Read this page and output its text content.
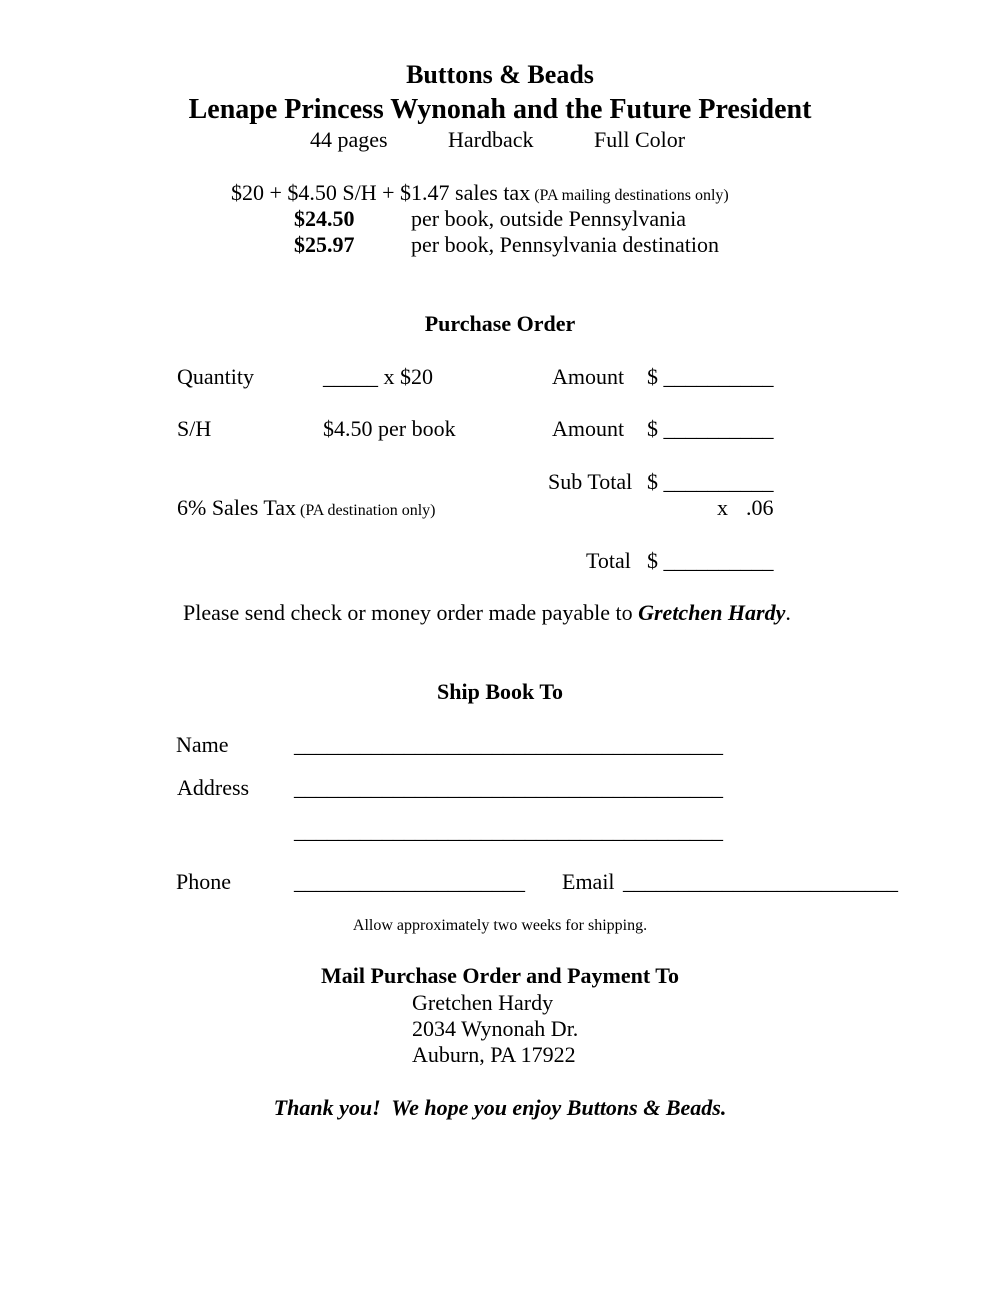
Buttons & Beads
Lenape Princess Wynonah and the Future President
44 pages	Hardback	Full Color
$20 + $4.50 S/H + $1.47 sales tax (PA mailing destinations only)
$24.50	per book, outside Pennsylvania
$25.97	per book, Pennsylvania destination
Purchase Order
Quantity	_____ x $20	Amount $ __________
S/H	$4.50 per book	Amount $ __________
Sub Total $ __________
6% Sales Tax (PA destination only)	x .06
Total $ __________
Please send check or money order made payable to Gretchen Hardy.
Ship Book To
Name	_______________________________________
Address _______________________________________
_______________________________________
Phone	_____________________ Email _________________________
Allow approximately two weeks for shipping.
Mail Purchase Order and Payment To
Gretchen Hardy
2034 Wynonah Dr.
Auburn, PA 17922
Thank you!  We hope you enjoy Buttons & Beads.
